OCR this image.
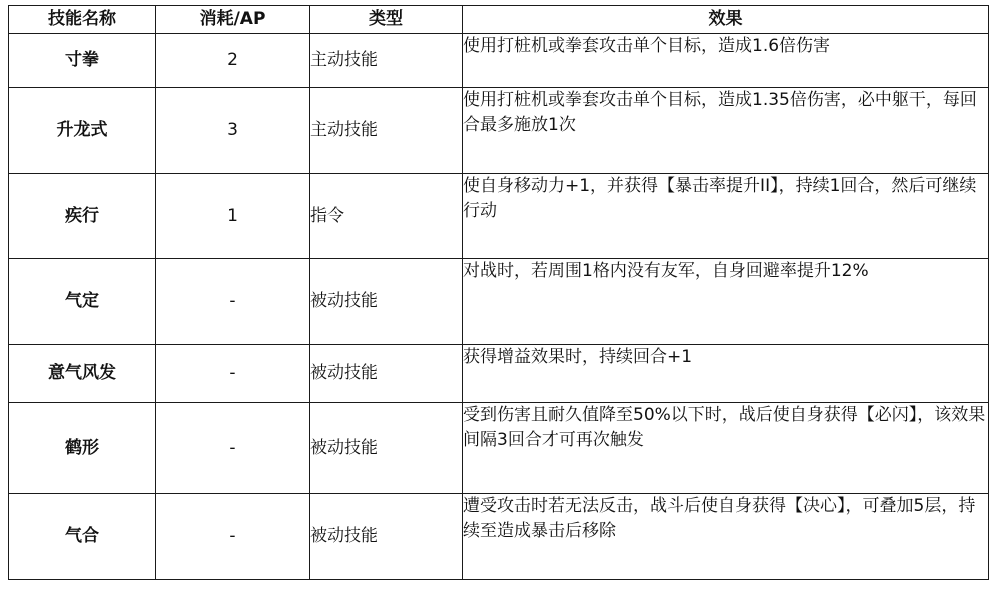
技能名称	消耗/AP	类型	效果
寸拳	2	主动技能	使用打桩机或拳套攻击单个目标，造成1.6倍伤害
升龙式	3	主动技能	使用打桩机或拳套攻击单个目标，造成1.35倍伤害，必中躯干，每回合最多施放1次
疾行	1	指令	使自身移动力+1，并获得【暴击率提升II】，持续1回合，然后可继续行动
气定	-	被动技能	对战时，若周围1格内没有友军，自身回避率提升12%
意气风发	-	被动技能	获得增益效果时，持续回合+1
鹤形	-	被动技能	受到伤害且耐久值降至50%以下时，战后使自身获得【必闪】，该效果间隔3回合才可再次触发
气合	-	被动技能	遭受攻击时若无法反击，战斗后使自身获得【决心】，可叠加5层，持续至造成暴击后移除
